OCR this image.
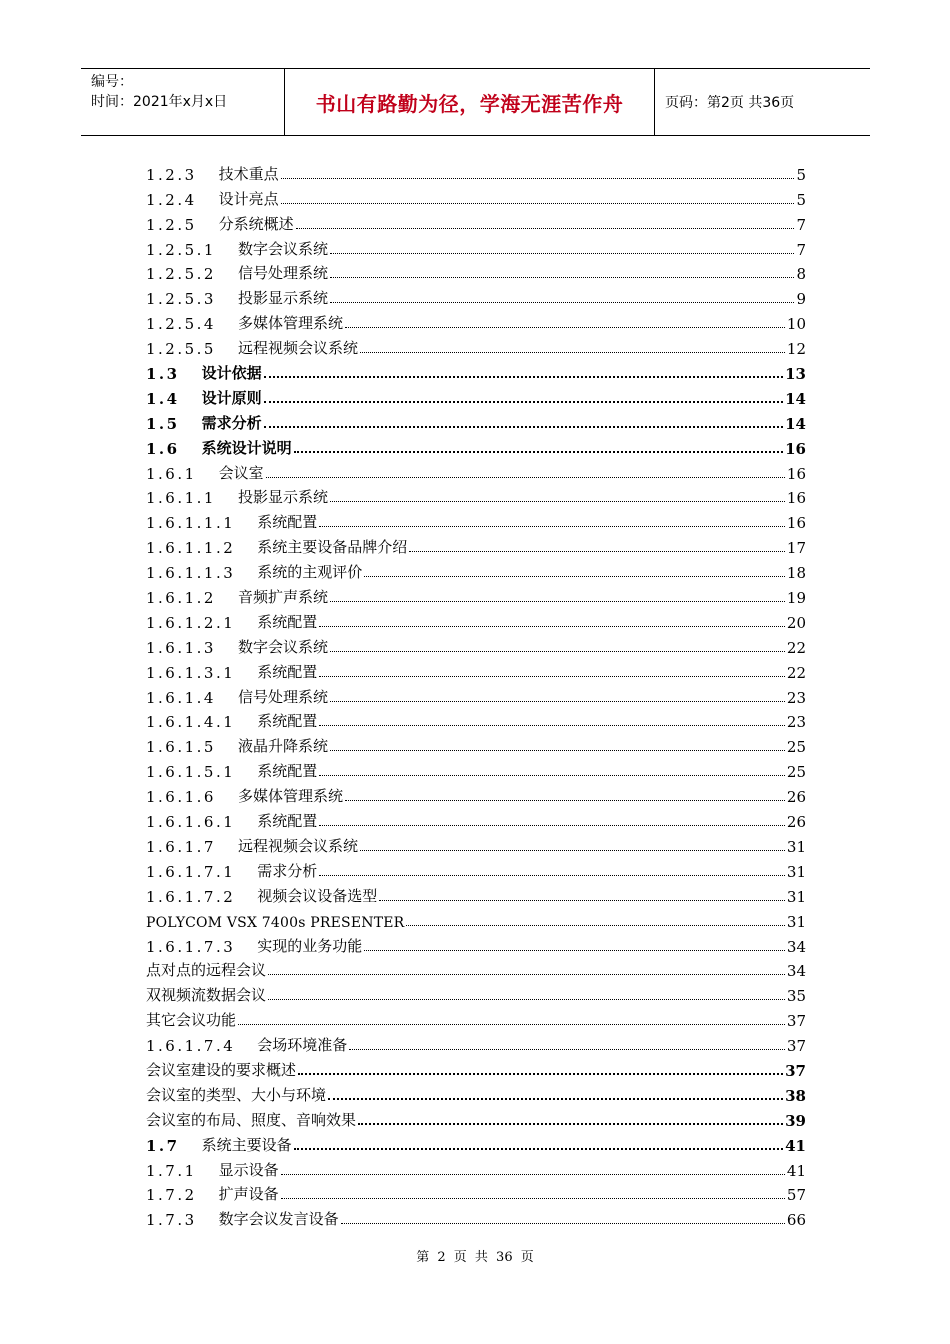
编号：
时间：2021年x月x日	书山有路勤为径，学海无涯苦作舟	页码：第2页 共36页
1.2.3 技术重点	5
1.2.4 设计亮点	5
1.2.5 分系统概述	7
1.2.5.1 数字会议系统	7
1.2.5.2 信号处理系统	8
1.2.5.3 投影显示系统	9
1.2.5.4 多媒体管理系统	10
1.2.5.5 远程视频会议系统	12
1.3 设计依据	13
1.4 设计原则	14
1.5 需求分析	14
1.6 系统设计说明	16
1.6.1 会议室	16
1.6.1.1 投影显示系统	16
1.6.1.1.1 系统配置	16
1.6.1.1.2 系统主要设备品牌介绍	17
1.6.1.1.3 系统的主观评价	18
1.6.1.2 音频扩声系统	19
1.6.1.2.1 系统配置	20
1.6.1.3 数字会议系统	22
1.6.1.3.1 系统配置	22
1.6.1.4 信号处理系统	23
1.6.1.4.1 系统配置	23
1.6.1.5 液晶升降系统	25
1.6.1.5.1 系统配置	25
1.6.1.6 多媒体管理系统	26
1.6.1.6.1 系统配置	26
1.6.1.7 远程视频会议系统	31
1.6.1.7.1 需求分析	31
1.6.1.7.2 视频会议设备选型	31
POLYCOM VSX 7400s PRESENTER	31
1.6.1.7.3 实现的业务功能	34
点对点的远程会议	34
双视频流数据会议	35
其它会议功能	37
1.6.1.7.4 会场环境准备	37
会议室建设的要求概述	37
会议室的类型、大小与环境	38
会议室的布局、照度、音响效果	39
1.7 系统主要设备	41
1.7.1 显示设备	41
1.7.2 扩声设备	57
1.7.3 数字会议发言设备	66
第 2 页 共 36 页
